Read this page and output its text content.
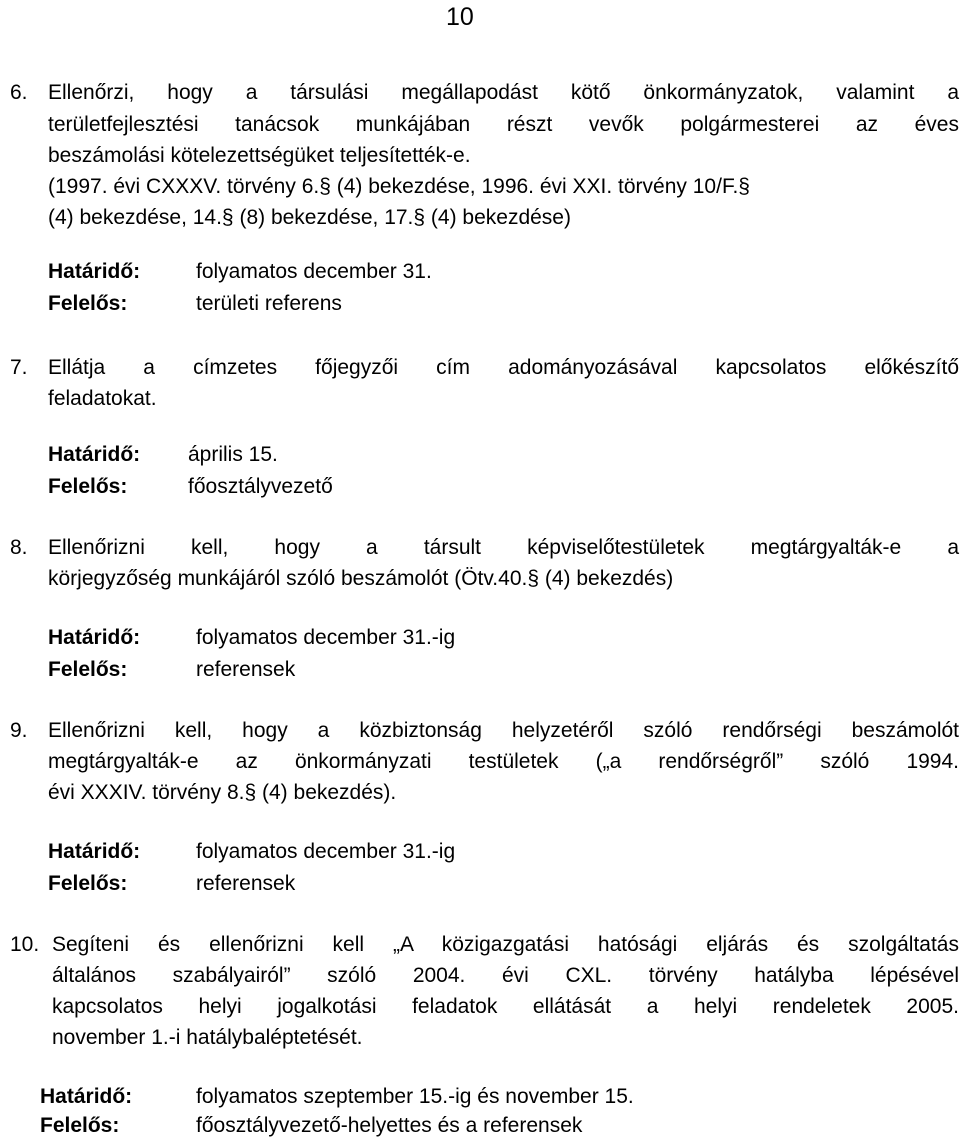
10
6. Ellenőrzi, hogy a társulási megállapodást kötő önkormányzatok, valamint a
területfejlesztési tanácsok munkájában részt vevők polgármesterei az éves
beszámolási kötelezettségüket teljesítették-e.
(1997. évi CXXXV. törvény 6.§ (4) bekezdése, 1996. évi XXI. törvény 10/F.§
(4) bekezdése, 14.§ (8) bekezdése, 17.§ (4) bekezdése)
Határidő:	folyamatos december 31.
Felelős:	területi referens
7. Ellátja a címzetes főjegyzői cím adományozásával kapcsolatos előkészítő
feladatokat.
Határidő: április 15.
Felelős:	főosztályvezető
8. Ellenőrizni kell, hogy a társult képviselőtestületek megtárgyalták-e a
körjegyzőség munkájáról szóló beszámolót (Ötv.40.§ (4) bekezdés)
Határidő:	folyamatos december 31.-ig
Felelős:	referensek
9. Ellenőrizni kell, hogy a közbiztonság helyzetéről szóló rendőrségi beszámolót
megtárgyalták-e az önkormányzati testületek („a rendőrségről” szóló 1994.
évi XXXIV. törvény 8.§ (4) bekezdés).
Határidő:	folyamatos december 31.-ig
Felelős:	referensek
10. Segíteni és ellenőrizni kell „A közigazgatási hatósági eljárás és szolgáltatás
általános szabályairól” szóló 2004. évi CXL. törvény hatályba lépésével
kapcsolatos helyi jogalkotási feladatok ellátását a helyi rendeletek 2005.
november 1.-i hatálybaléptetését.
Határidő:	folyamatos szeptember 15.-ig és november 15.
Felelős:	főosztályvezető-helyettes és a referensek
